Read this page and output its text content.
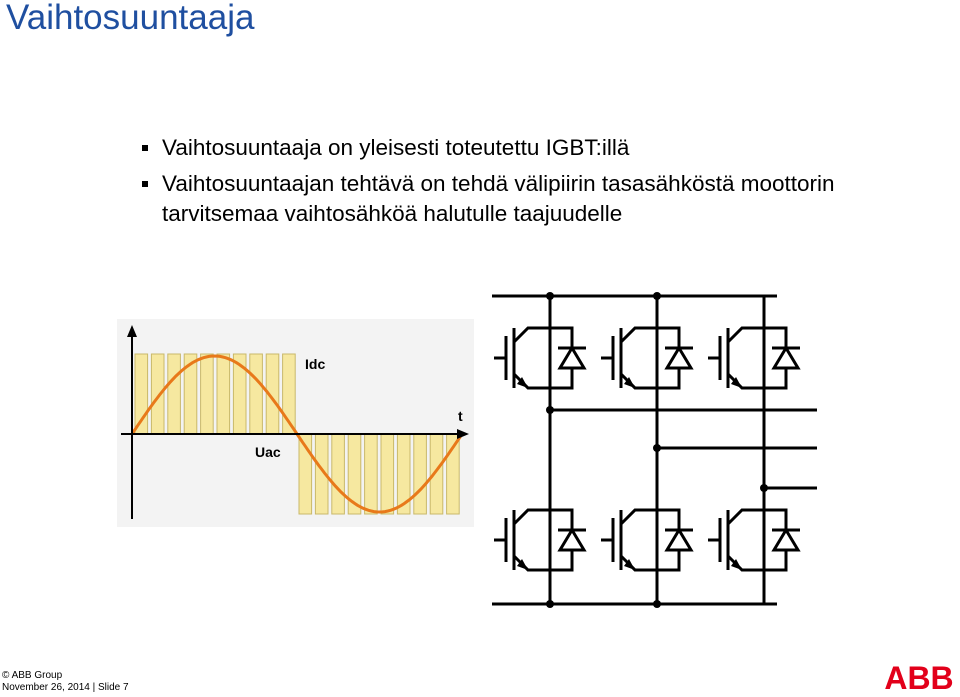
Vaihtosuuntaaja
Vaihtosuuntaaja on yleisesti toteutettu IGBT:illä
Vaihtosuuntaajan tehtävä on tehdä välipiirin tasasähköstä moottorin tarvitsemaa vaihtosähköä halutulle taajuudelle
Idc
t
Uac
© ABB Group
November 26, 2014 | Slide 7	ABB
